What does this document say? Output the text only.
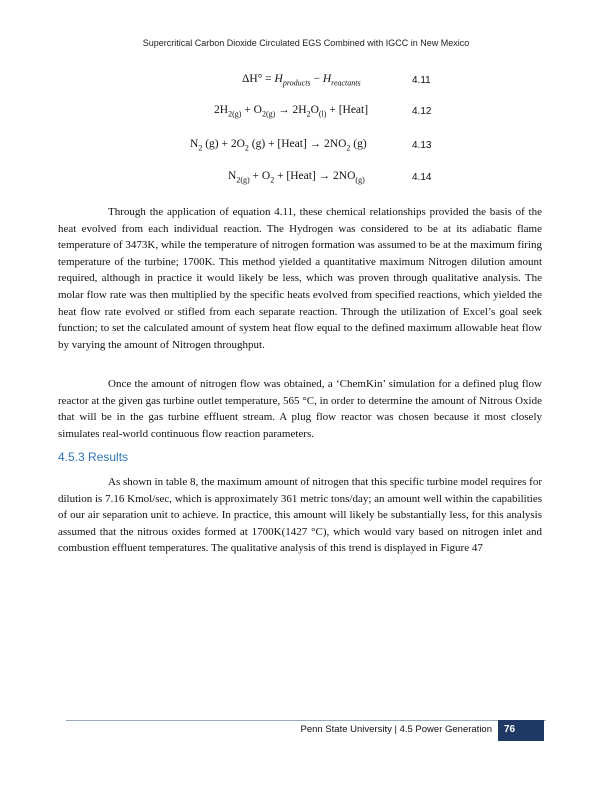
Supercritical Carbon Dioxide Circulated EGS Combined with IGCC in New Mexico
$\Delta H^\circ = H_{products} - H_{reactants}$	4.11
$2H_{2(g)} + O_{2(g)} \to 2H_2O_{(l)}$ + [Heat]	4.12
$N_2$ $(g) + 2O_2$ (g) + [Heat] → $2NO_2$ (g)	4.13
$N_{2(g)} + O_2$ + [Heat] → $2NO_{(g)}$	4.14

Through the application of equation 4.11, these chemical relationships provided the basis of the heat evolved from each individual reaction. The Hydrogen was considered to be at its adiabatic flame temperature of 3473K, while the temperature of nitrogen formation was assumed to be at the maximum firing temperature of the turbine; 1700K. This method yielded a quantitative maximum Nitrogen dilution amount required, although in practice it would likely be less, which was proven through qualitative analysis. The molar flow rate was then multiplied by the specific heats evolved from specified reactions, which yielded the heat flow rate evolved or stifled from each separate reaction. Through the utilization of Excel’s goal seek function; to set the calculated amount of system heat flow equal to the defined maximum allowable heat flow by varying the amount of Nitrogen throughput.

Once the amount of nitrogen flow was obtained, a ‘ChemKin’ simulation for a defined plug flow reactor at the given gas turbine outlet temperature, 565 °C, in order to determine the amount of Nitrous Oxide that will be in the gas turbine effluent stream. A plug flow reactor was chosen because it most closely simulates real-world continuous flow reaction parameters.

4.5.3 Results

As shown in table 8, the maximum amount of nitrogen that this specific turbine model requires for dilution is 7.16 Kmol/sec, which is approximately 361 metric tons/day; an amount well within the capabilities of our air separation unit to achieve. In practice, this amount will likely be substantially less, for this analysis assumed that the nitrous oxides formed at 1700K(1427 °C), which would vary based on nitrogen inlet and combustion effluent temperatures. The qualitative analysis of this trend is displayed in Figure 47

Penn State University | 4.5 Power Generation 76
